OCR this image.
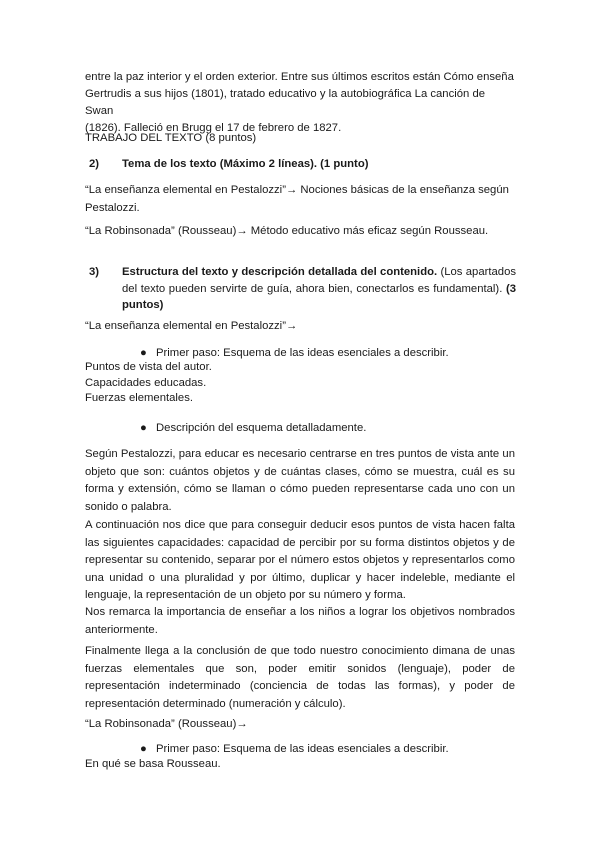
entre la paz interior y el orden exterior. Entre sus últimos escritos están Cómo enseña
Gertrudis a sus hijos (1801), tratado educativo y la autobiográfica La canción de Swan
(1826). Falleció en Brugg el 17 de febrero de 1827.

TRABAJO DEL TEXTO (8 puntos)

2)	Tema de los texto (Máximo 2 líneas). (1 punto)

“La enseñanza elemental en Pestalozzi”→ Nociones básicas de la enseñanza según Pestalozzi.

“La Robinsonada” (Rousseau)→ Método educativo más eficaz según Rousseau.

3)	Estructura del texto y descripción detallada del contenido. (Los apartados del texto pueden servirte de guía, ahora bien, conectarlos es fundamental). (3 puntos)

“La enseñanza elemental en Pestalozzi”→

● Primer paso: Esquema de las ideas esenciales a describir.

Puntos de vista del autor.
Capacidades educadas.
Fuerzas elementales.

● Descripción del esquema detalladamente.

Según Pestalozzi, para educar es necesario centrarse en tres puntos de vista ante un objeto que son: cuántos objetos y de cuántas clases, cómo se muestra, cuál es su forma y extensión, cómo se llaman o cómo pueden representarse cada uno con un sonido o palabra.

A continuación nos dice que para conseguir deducir esos puntos de vista hacen falta las siguientes capacidades: capacidad de percibir por su forma distintos objetos y de representar su contenido, separar por el número estos objetos y representarlos como una unidad o una pluralidad y por último, duplicar y hacer indeleble, mediante el lenguaje, la representación de un objeto por su número y forma.

Nos remarca la importancia de enseñar a los niños a lograr los objetivos nombrados anteriormente.

Finalmente llega a la conclusión de que todo nuestro conocimiento dimana de unas fuerzas elementales que son, poder emitir sonidos (lenguaje), poder de representación indeterminado (conciencia de todas las formas), y poder de representación determinado (numeración y cálculo).

“La Robinsonada” (Rousseau)→

● Primer paso: Esquema de las ideas esenciales a describir.

En qué se basa Rousseau.
